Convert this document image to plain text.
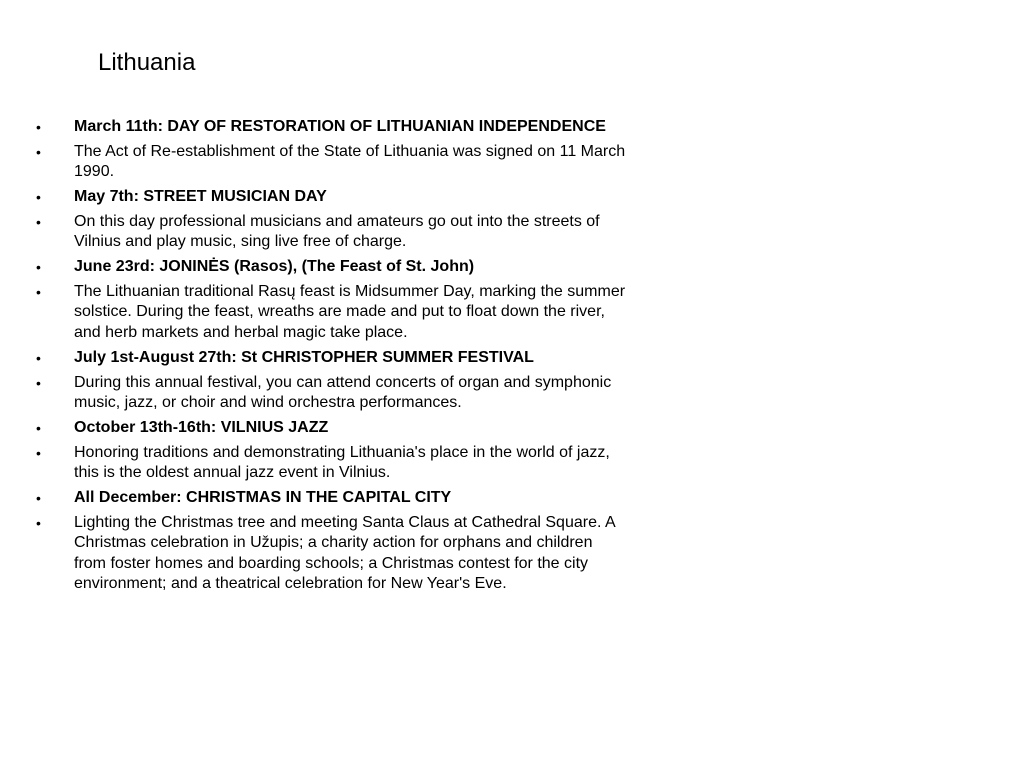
Lithuania
•	March 11th: DAY OF RESTORATION OF LITHUANIAN INDEPENDENCE
•	The Act of Re-establishment of the State of Lithuania was signed on 11 March 1990.
•	May 7th: STREET MUSICIAN DAY
•	On this day professional musicians and amateurs go out into the streets of Vilnius and play music, sing live free of charge.
•	June 23rd: JONINĖS (Rasos), (The Feast of St. John)
•	The Lithuanian traditional Rasų feast is Midsummer Day, marking the summer solstice. During the feast, wreaths are made and put to float down the river, and herb markets and herbal magic take place.
•	July 1st-August 27th: St CHRISTOPHER SUMMER FESTIVAL
•	During this annual festival, you can attend concerts of organ and symphonic music, jazz, or choir and wind orchestra performances.
•	October 13th-16th: VILNIUS JAZZ
•	Honoring traditions and demonstrating Lithuania's place in the world of jazz, this is the oldest annual jazz event in Vilnius.
•	All December: CHRISTMAS IN THE CAPITAL CITY
•	Lighting the Christmas tree and meeting Santa Claus at Cathedral Square. A Christmas celebration in Užupis; a charity action for orphans and children from foster homes and boarding schools; a Christmas contest for the city environment; and a theatrical celebration for New Year's Eve.
